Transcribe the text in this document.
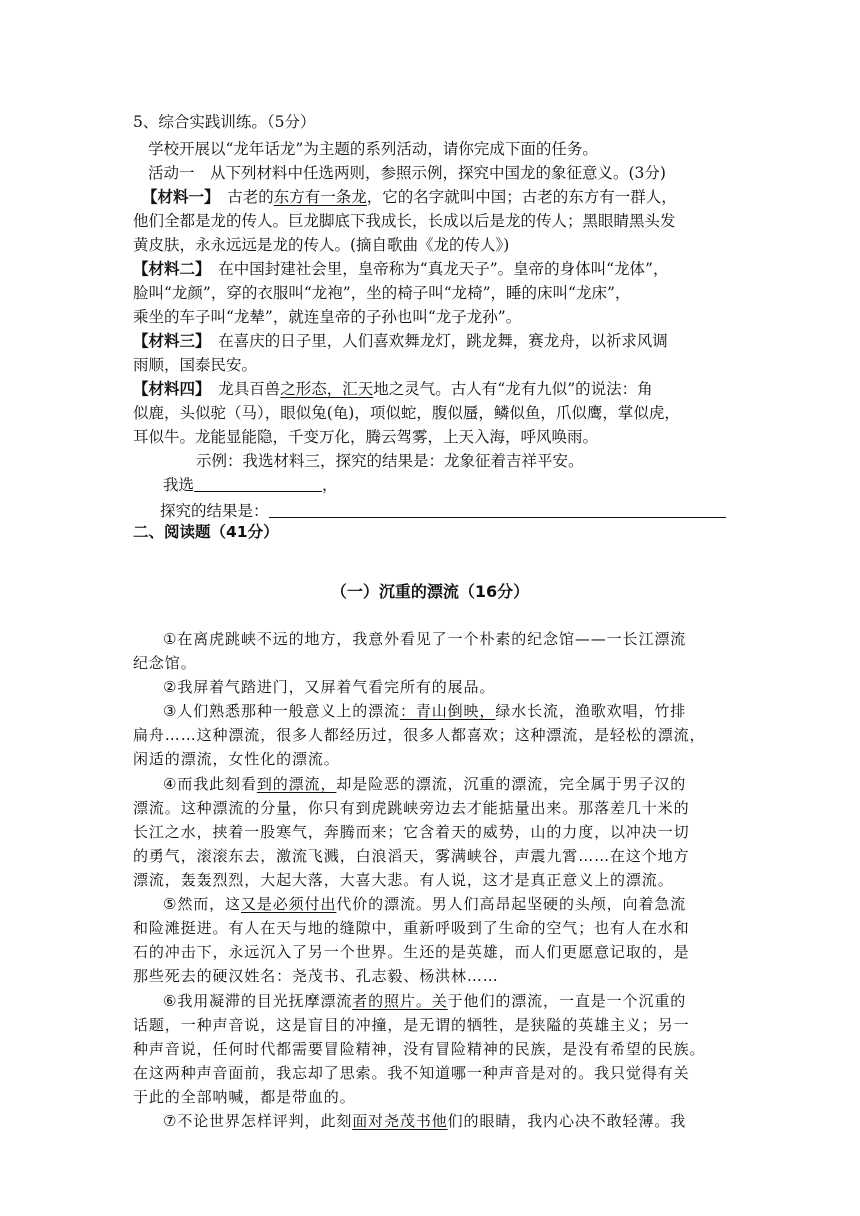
5、综合实践训练。（5分）
学校开展以“龙年话龙”为主题的系列活动，请你完成下面的任务。
活动一　从下列材料中任选两则，参照示例，探究中国龙的象征意义。(3分)
【材料一】　古老的东方有一条龙，它的名字就叫中国；古老的东方有一群人，
他们全都是龙的传人。巨龙脚底下我成长，长成以后是龙的传人；黑眼睛黑头发
黄皮肤，永永远远是龙的传人。(摘自歌曲《龙的传人》)
【材料二】　在中国封建社会里，皇帝称为“真龙天子”。皇帝的身体叫“龙体”，
脸叫“龙颜”，穿的衣服叫“龙袍”，坐的椅子叫“龙椅”，睡的床叫“龙床”，
乘坐的车子叫“龙辇”，就连皇帝的子孙也叫“龙子龙孙”。
【材料三】　在喜庆的日子里，人们喜欢舞龙灯，跳龙舞，赛龙舟，以祈求风调
雨顺，国泰民安。
【材料四】　龙具百兽之形态，汇天地之灵气。古人有“龙有九似”的说法：角
似鹿，头似驼（马），眼似兔(龟)，项似蛇，腹似蜃，鳞似鱼，爪似鹰，掌似虎，
耳似牛。龙能显能隐，千变万化，腾云驾雾，上天入海，呼风唤雨。
示例：我选材料三，探究的结果是：龙象征着吉祥平安。
我选	，
探究的结果是：
二、阅读题（41分）
（一）沉重的漂流（16分）
①在离虎跳峡不远的地方，我意外看见了一个朴素的纪念馆——一长江漂流
纪念馆。
②我屏着气踏进门，又屏着气看完所有的展品。
③人们熟悉那种一般意义上的漂流：青山倒映，绿水长流，渔歌欢唱，竹排
扁舟……这种漂流，很多人都经历过，很多人都喜欢；这种漂流，是轻松的漂流，
闲适的漂流，女性化的漂流。
④而我此刻看到的漂流，却是险恶的漂流，沉重的漂流，完全属于男子汉的
漂流。这种漂流的分量，你只有到虎跳峡旁边去才能掂量出来。那落差几十米的
长江之水，挟着一股寒气，奔腾而来；它含着天的威势，山的力度，以冲决一切
的勇气，滚滚东去，激流飞溅，白浪滔天，雾满峡谷，声震九霄……在这个地方
漂流，轰轰烈烈，大起大落，大喜大悲。有人说，这才是真正意义上的漂流。
⑤然而，这又是必须付出代价的漂流。男人们高昂起坚硬的头颅，向着急流
和险滩挺进。有人在天与地的缝隙中，重新呼吸到了生命的空气；也有人在水和
石的冲击下，永远沉入了另一个世界。生还的是英雄，而人们更愿意记取的，是
那些死去的硬汉姓名：尧茂书、孔志毅、杨洪林……
⑥我用凝滞的目光抚摩漂流者的照片。关于他们的漂流，一直是一个沉重的
话题，一种声音说，这是盲目的冲撞，是无谓的牺牲，是狭隘的英雄主义；另一
种声音说，任何时代都需要冒险精神，没有冒险精神的民族，是没有希望的民族。
在这两种声音面前，我忘却了思索。我不知道哪一种声音是对的。我只觉得有关
于此的全部呐喊，都是带血的。
⑦不论世界怎样评判，此刻面对尧茂书他们的眼睛，我内心决不敢轻薄。我
